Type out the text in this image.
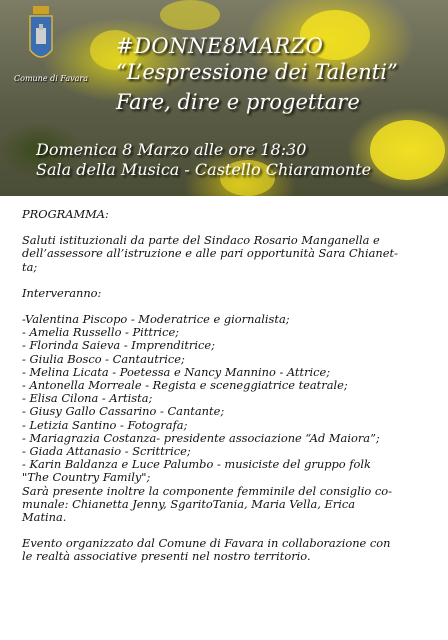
Comune di Favara
#DONNE8MARZO
“L’espressione dei Talenti”
Fare, dire e progettare
Domenica 8 Marzo alle ore 18:30
Sala della Musica - Castello Chiaramonte

PROGRAMMA:

Saluti istituzionali da parte del Sindaco Rosario Manganella e

dell’assessore all’istruzione e alle pari opportunità Sara Chianet-

ta;

Interveranno:

-Valentina Piscopo - Moderatrice e giornalista;

- Amelia Russello - Pittrice;

- Florinda Saieva - Imprenditrice;

- Giulia Bosco - Cantautrice;

- Melina Licata - Poetessa e Nancy Mannino - Attrice;

- Antonella Morreale - Regista e sceneggiatrice teatrale;

- Elisa Cilona - Artista;

- Giusy Gallo Cassarino - Cantante;

- Letizia Santino - Fotografa;

- Mariagrazia Costanza- presidente associazione “Ad Maiora”;

- Giada Attanasio - Scrittrice;

- Karin Baldanza e Luce Palumbo - musiciste del gruppo folk

"The Country Family";

Sarà presente inoltre la componente femminile del consiglio co-

munale: Chianetta Jenny, SgaritoTania, Maria Vella, Erica

Matina.

Evento organizzato dal Comune di Favara in collaborazione con

le realtà associative presenti nel nostro territorio.
